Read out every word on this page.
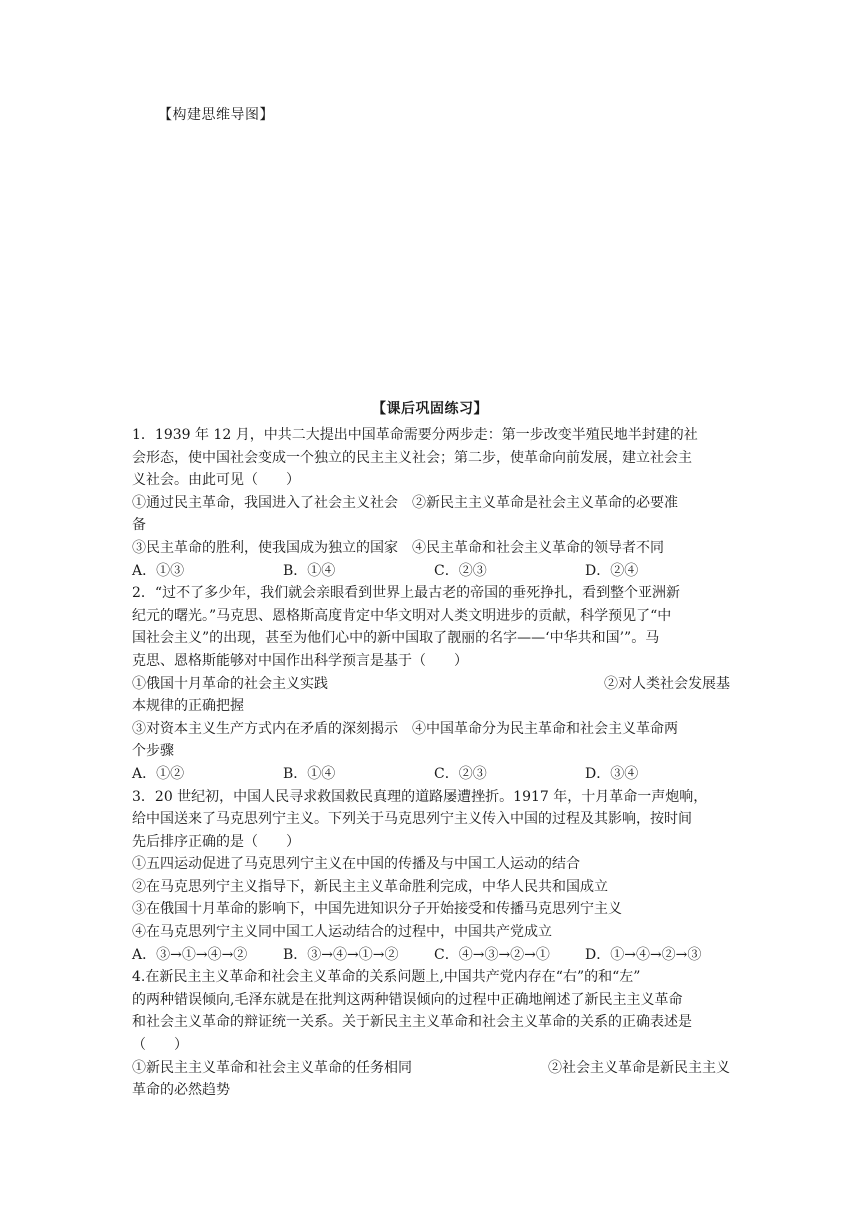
【构建思维导图】
【课后巩固练习】
1．1939 年 12 月，中共二大提出中国革命需要分两步走：第一步改变半殖民地半封建的社
会形态，使中国社会变成一个独立的民主主义社会；第二步，使革命向前发展，建立社会主
义社会。由此可见（　　）
①通过民主革命，我国进入了社会主义社会　②新民主主义革命是社会主义革命的必要准
备
③民主革命的胜利，使我国成为独立的国家　④民主革命和社会主义革命的领导者不同
A．①③	B．①④	C．②③	D．②④
2．“过不了多少年，我们就会亲眼看到世界上最古老的帝国的垂死挣扎，看到整个亚洲新
纪元的曙光。”马克思、恩格斯高度肯定中华文明对人类文明进步的贡献，科学预见了“中
国社会主义”的出现，甚至为他们心中的新中国取了靓丽的名字——‘中华共和国’”。马
克思、恩格斯能够对中国作出科学预言是基于（　　）
①俄国十月革命的社会主义实践	②对人类社会发展基
本规律的正确把握
③对资本主义生产方式内在矛盾的深刻揭示　④中国革命分为民主革命和社会主义革命两
个步骤
A．①②	B．①④	C．②③	D．③④
3．20 世纪初，中国人民寻求救国救民真理的道路屡遭挫折。1917 年，十月革命一声炮响，
给中国送来了马克思列宁主义。下列关于马克思列宁主义传入中国的过程及其影响，按时间
先后排序正确的是（　　）
①五四运动促进了马克思列宁主义在中国的传播及与中国工人运动的结合
②在马克思列宁主义指导下，新民主主义革命胜利完成，中华人民共和国成立
③在俄国十月革命的影响下，中国先进知识分子开始接受和传播马克思列宁主义
④在马克思列宁主义同中国工人运动结合的过程中，中国共产党成立
A．③→①→④→②	B．③→④→①→②	C．④→③→②→①	D．①→④→②→③
4.在新民主主义革命和社会主义革命的关系问题上,中国共产党内存在“右”的和“左”
的两种错误倾向,毛泽东就是在批判这两种错误倾向的过程中正确地阐述了新民主主义革命
和社会主义革命的辩证统一关系。关于新民主主义革命和社会主义革命的关系的正确表述是
（　　）
①新民主主义革命和社会主义革命的任务相同	②社会主义革命是新民主主义
革命的必然趋势
